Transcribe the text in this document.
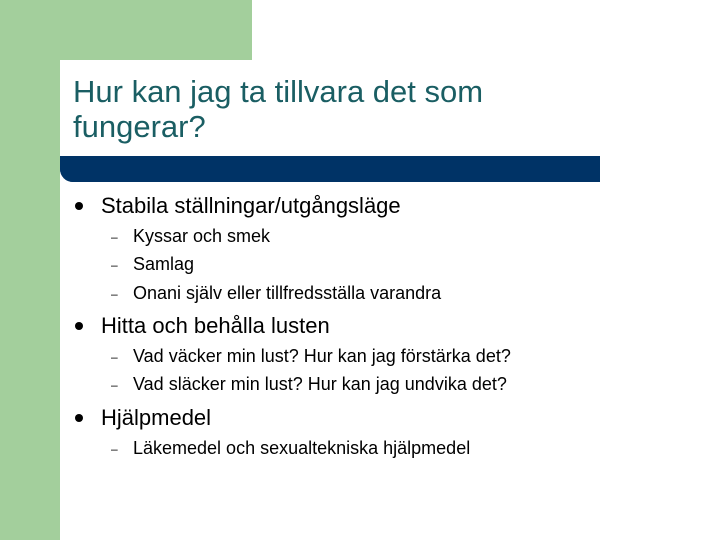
Hur kan jag ta tillvara det som fungerar?
Stabila ställningar/utgångsläge
– Kyssar och smek
– Samlag
– Onani själv eller tillfredsställa varandra
Hitta och behålla lusten
– Vad väcker min lust? Hur kan jag förstärka det?
– Vad släcker min lust? Hur kan jag undvika det?
Hjälpmedel
– Läkemedel och sexualtekniska hjälpmedel
